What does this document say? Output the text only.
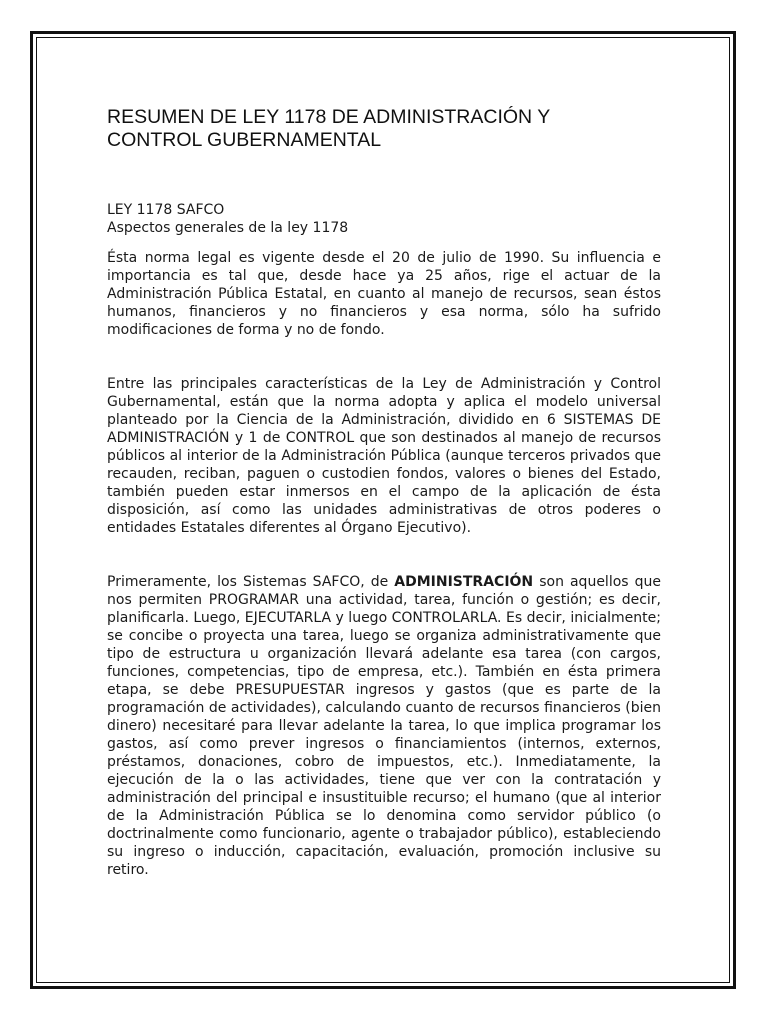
RESUMEN DE LEY 1178 DE ADMINISTRACIÓN Y
CONTROL GUBERNAMENTAL
LEY 1178 SAFCO
Aspectos generales de la ley 1178

Ésta norma legal es vigente desde el 20 de julio de 1990. Su influencia e importancia es tal que, desde hace ya 25 años, rige el actuar de la Administración Pública Estatal, en cuanto al manejo de recursos, sean éstos humanos, financieros y no financieros y esa norma, sólo ha sufrido modificaciones de forma y no de fondo.

Entre las principales características de la Ley de Administración y Control Gubernamental, están que la norma adopta y aplica el modelo universal planteado por la Ciencia de la Administración, dividido en 6 SISTEMAS DE ADMINISTRACIÓN y 1 de CONTROL que son destinados al manejo de recursos públicos al interior de la Administración Pública (aunque terceros privados que recauden, reciban, paguen o custodien fondos, valores o bienes del Estado, también pueden estar inmersos en el campo de la aplicación de ésta disposición, así como las unidades administrativas de otros poderes o entidades Estatales diferentes al Órgano Ejecutivo).

Primeramente, los Sistemas SAFCO, de ADMINISTRACIÓN son aquellos que nos permiten PROGRAMAR una actividad, tarea, función o gestión; es decir, planificarla. Luego, EJECUTARLA y luego CONTROLARLA. Es decir, inicialmente; se concibe o proyecta una tarea, luego se organiza administrativamente que tipo de estructura u organización llevará adelante esa tarea (con cargos, funciones, competencias, tipo de empresa, etc.). También en ésta primera etapa, se debe PRESUPUESTAR ingresos y gastos (que es parte de la programación de actividades), calculando cuanto de recursos financieros (bien dinero) necesitaré para llevar adelante la tarea, lo que implica programar los gastos, así como prever ingresos o financiamientos (internos, externos, préstamos, donaciones, cobro de impuestos, etc.). Inmediatamente, la ejecución de la o las actividades, tiene que ver con la contratación y administración del principal e insustituible recurso; el humano (que al interior de la Administración Pública se lo denomina como servidor público (o doctrinalmente como funcionario, agente o trabajador público), estableciendo su ingreso o inducción, capacitación, evaluación, promoción inclusive su retiro.
